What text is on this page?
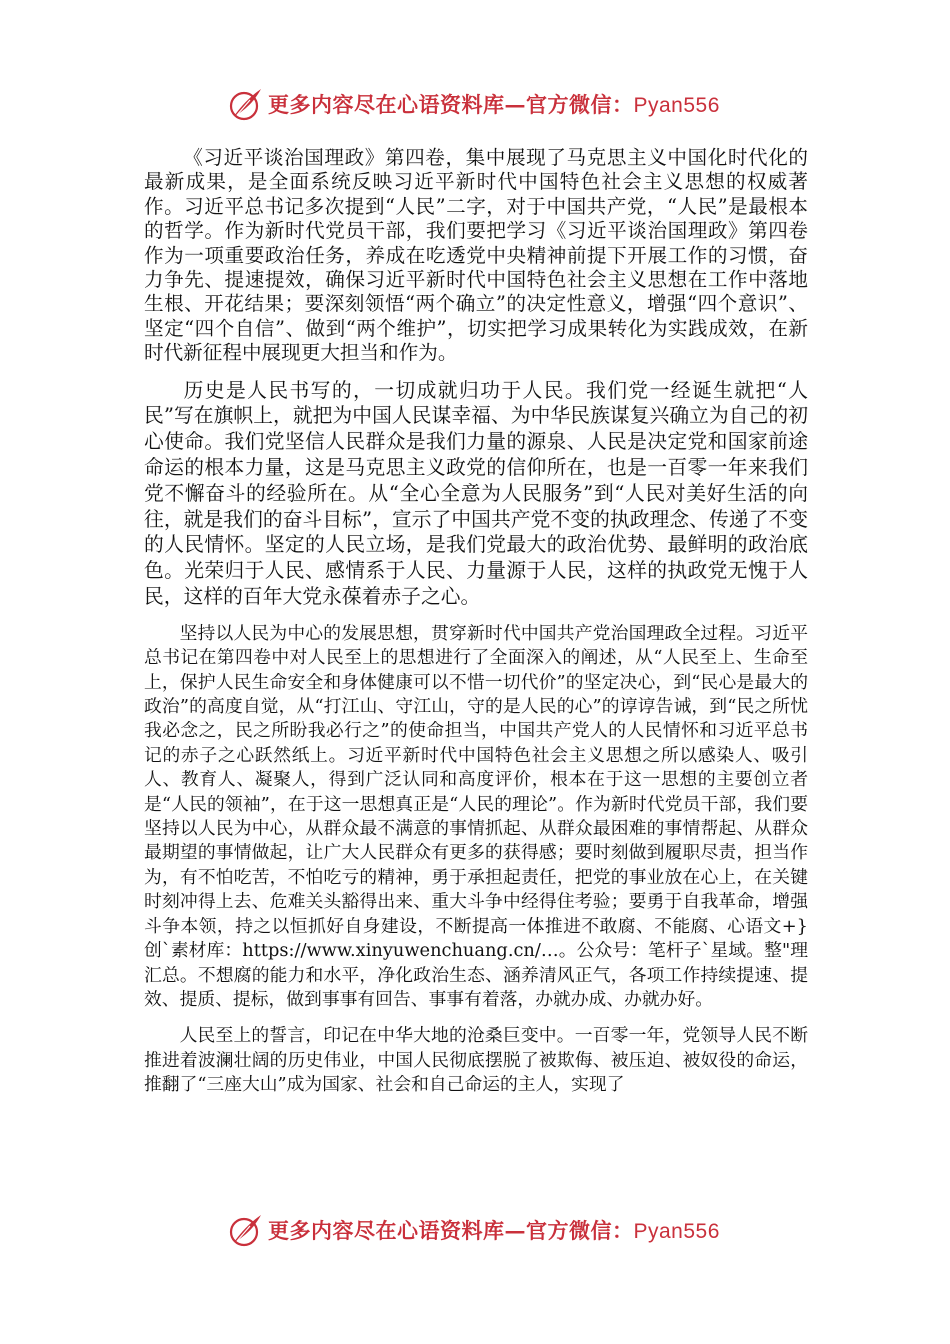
更多内容尽在心语资料库—官方微信：Pyan556

《习近平谈治国理政》第四卷，集中展现了马克思主义中国化时代化的最新成果，是全面系统反映习近平新时代中国特色社会主义思想的权威著作。习近平总书记多次提到“人民”二字，对于中国共产党，“人民”是最根本的哲学。作为新时代党员干部，我们要把学习《习近平谈治国理政》第四卷作为一项重要政治任务，养成在吃透党中央精神前提下开展工作的习惯，奋力争先、提速提效，确保习近平新时代中国特色社会主义思想在工作中落地生根、开花结果；要深刻领悟“两个确立”的决定性意义，增强“四个意识”、坚定“四个自信”、做到“两个维护”，切实把学习成果转化为实践成效，在新时代新征程中展现更大担当和作为。

历史是人民书写的，一切成就归功于人民。我们党一经诞生就把“人民”写在旗帜上，就把为中国人民谋幸福、为中华民族谋复兴确立为自己的初心使命。我们党坚信人民群众是我们力量的源泉、人民是决定党和国家前途命运的根本力量，这是马克思主义政党的信仰所在，也是一百零一年来我们党不懈奋斗的经验所在。从“全心全意为人民服务”到“人民对美好生活的向往，就是我们的奋斗目标”，宣示了中国共产党不变的执政理念、传递了不变的人民情怀。坚定的人民立场，是我们党最大的政治优势、最鲜明的政治底色。光荣归于人民、感情系于人民、力量源于人民，这样的执政党无愧于人民，这样的百年大党永葆着赤子之心。

坚持以人民为中心的发展思想，贯穿新时代中国共产党治国理政全过程。习近平总书记在第四卷中对人民至上的思想进行了全面深入的阐述，从“人民至上、生命至上，保护人民生命安全和身体健康可以不惜一切代价”的坚定决心，到“民心是最大的政治”的高度自觉，从“打江山、守江山，守的是人民的心”的谆谆告诫，到“民之所忧我必念之，民之所盼我必行之”的使命担当，中国共产党人的人民情怀和习近平总书记的赤子之心跃然纸上。习近平新时代中国特色社会主义思想之所以感染人、吸引人、教育人、凝聚人，得到广泛认同和高度评价，根本在于这一思想的主要创立者是“人民的领袖”，在于这一思想真正是“人民的理论”。作为新时代党员干部，我们要坚持以人民为中心，从群众最不满意的事情抓起、从群众最困难的事情帮起、从群众最期望的事情做起，让广大人民群众有更多的获得感；要时刻做到履职尽责，担当作为，有不怕吃苦，不怕吃亏的精神，勇于承担起责任，把党的事业放在心上，在关键时刻冲得上去、危难关头豁得出来、重大斗争中经得住考验；要勇于自我革命，增强斗争本领，持之以恒抓好自身建设，不断提高一体推进不敢腐、不能腐、心语文+}创`素材库：https://www.xinyuwenchuang.cn/…。公众号：笔杆子`星域。整"理汇总。不想腐的能力和水平，净化政治生态、涵养清风正气，各项工作持续提速、提效、提质、提标，做到事事有回告、事事有着落，办就办成、办就办好。

人民至上的誓言，印记在中华大地的沧桑巨变中。一百零一年，党领导人民不断推进着波澜壮阔的历史伟业，中国人民彻底摆脱了被欺侮、被压迫、被奴役的命运，推翻了“三座大山”成为国家、社会和自己命运的主人，实现了

更多内容尽在心语资料库—官方微信：Pyan556
